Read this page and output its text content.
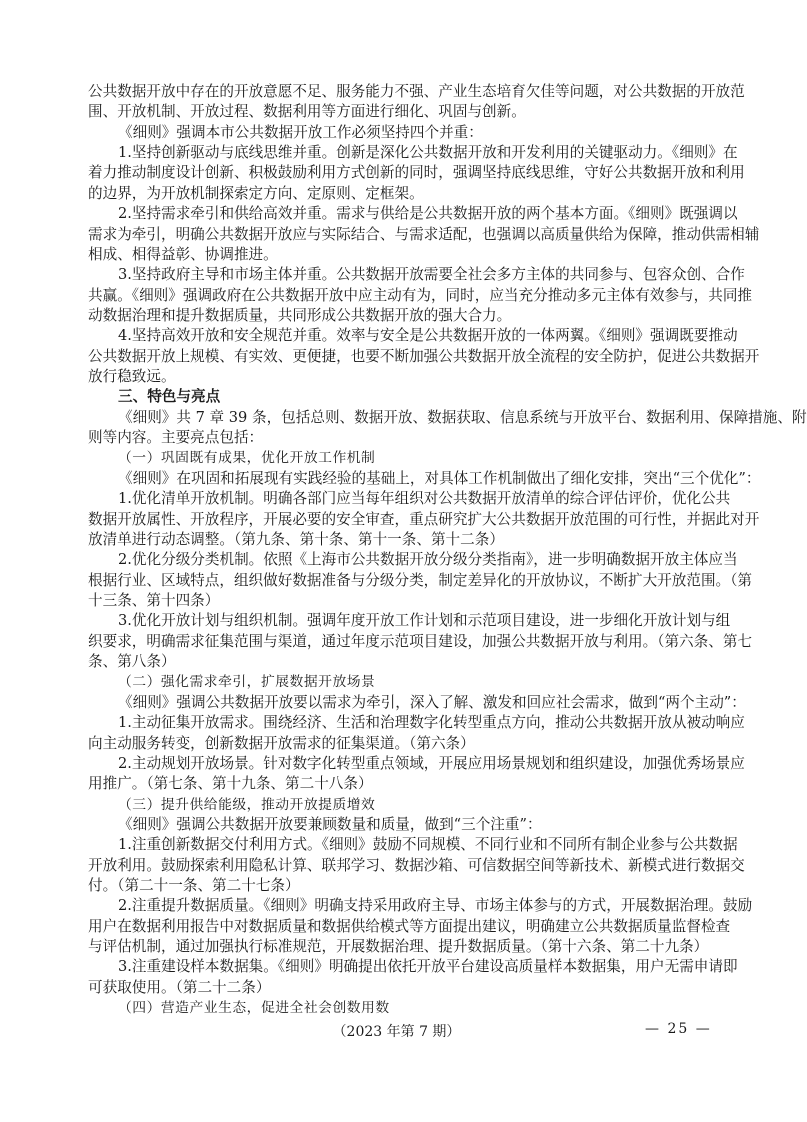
公共数据开放中存在的开放意愿不足、服务能力不强、产业生态培育欠佳等问题，对公共数据的开放范
围、开放机制、开放过程、数据利用等方面进行细化、巩固与创新。
《细则》强调本市公共数据开放工作必须坚持四个并重：
1.坚持创新驱动与底线思维并重。创新是深化公共数据开放和开发利用的关键驱动力。《细则》在
着力推动制度设计创新、积极鼓励利用方式创新的同时，强调坚持底线思维，守好公共数据开放和利用
的边界，为开放机制探索定方向、定原则、定框架。
2.坚持需求牵引和供给高效并重。需求与供给是公共数据开放的两个基本方面。《细则》既强调以
需求为牵引，明确公共数据开放应与实际结合、与需求适配，也强调以高质量供给为保障，推动供需相辅
相成、相得益彰、协调推进。
3.坚持政府主导和市场主体并重。公共数据开放需要全社会多方主体的共同参与、包容众创、合作
共赢。《细则》强调政府在公共数据开放中应主动有为，同时，应当充分推动多元主体有效参与，共同推
动数据治理和提升数据质量，共同形成公共数据开放的强大合力。
4.坚持高效开放和安全规范并重。效率与安全是公共数据开放的一体两翼。《细则》强调既要推动
公共数据开放上规模、有实效、更便捷，也要不断加强公共数据开放全流程的安全防护，促进公共数据开
放行稳致远。
三、特色与亮点
《细则》共 7 章 39 条，包括总则、数据开放、数据获取、信息系统与开放平台、数据利用、保障措施、附
则等内容。主要亮点包括：
（一）巩固既有成果，优化开放工作机制
《细则》在巩固和拓展现有实践经验的基础上，对具体工作机制做出了细化安排，突出“三个优化”：
1.优化清单开放机制。明确各部门应当每年组织对公共数据开放清单的综合评估评价，优化公共
数据开放属性、开放程序，开展必要的安全审查，重点研究扩大公共数据开放范围的可行性，并据此对开
放清单进行动态调整。（第九条、第十条、第十一条、第十二条）
2.优化分级分类机制。依照《上海市公共数据开放分级分类指南》，进一步明确数据开放主体应当
根据行业、区域特点，组织做好数据准备与分级分类，制定差异化的开放协议，不断扩大开放范围。（第
十三条、第十四条）
3.优化开放计划与组织机制。强调年度开放工作计划和示范项目建设，进一步细化开放计划与组
织要求，明确需求征集范围与渠道，通过年度示范项目建设，加强公共数据开放与利用。（第六条、第七
条、第八条）
（二）强化需求牵引，扩展数据开放场景
《细则》强调公共数据开放要以需求为牵引，深入了解、激发和回应社会需求，做到“两个主动”：
1.主动征集开放需求。围绕经济、生活和治理数字化转型重点方向，推动公共数据开放从被动响应
向主动服务转变，创新数据开放需求的征集渠道。（第六条）
2.主动规划开放场景。针对数字化转型重点领域，开展应用场景规划和组织建设，加强优秀场景应
用推广。（第七条、第十九条、第二十八条）
（三）提升供给能级，推动开放提质增效
《细则》强调公共数据开放要兼顾数量和质量，做到“三个注重”：
1.注重创新数据交付利用方式。《细则》鼓励不同规模、不同行业和不同所有制企业参与公共数据
开放利用。鼓励探索利用隐私计算、联邦学习、数据沙箱、可信数据空间等新技术、新模式进行数据交
付。（第二十一条、第二十七条）
2.注重提升数据质量。《细则》明确支持采用政府主导、市场主体参与的方式，开展数据治理。鼓励
用户在数据利用报告中对数据质量和数据供给模式等方面提出建议，明确建立公共数据质量监督检查
与评估机制，通过加强执行标准规范，开展数据治理、提升数据质量。（第十六条、第二十九条）
3.注重建设样本数据集。《细则》明确提出依托开放平台建设高质量样本数据集，用户无需申请即
可获取使用。（第二十二条）
（四）营造产业生态，促进全社会创数用数
（2023 年第 7 期）	— 25 —
